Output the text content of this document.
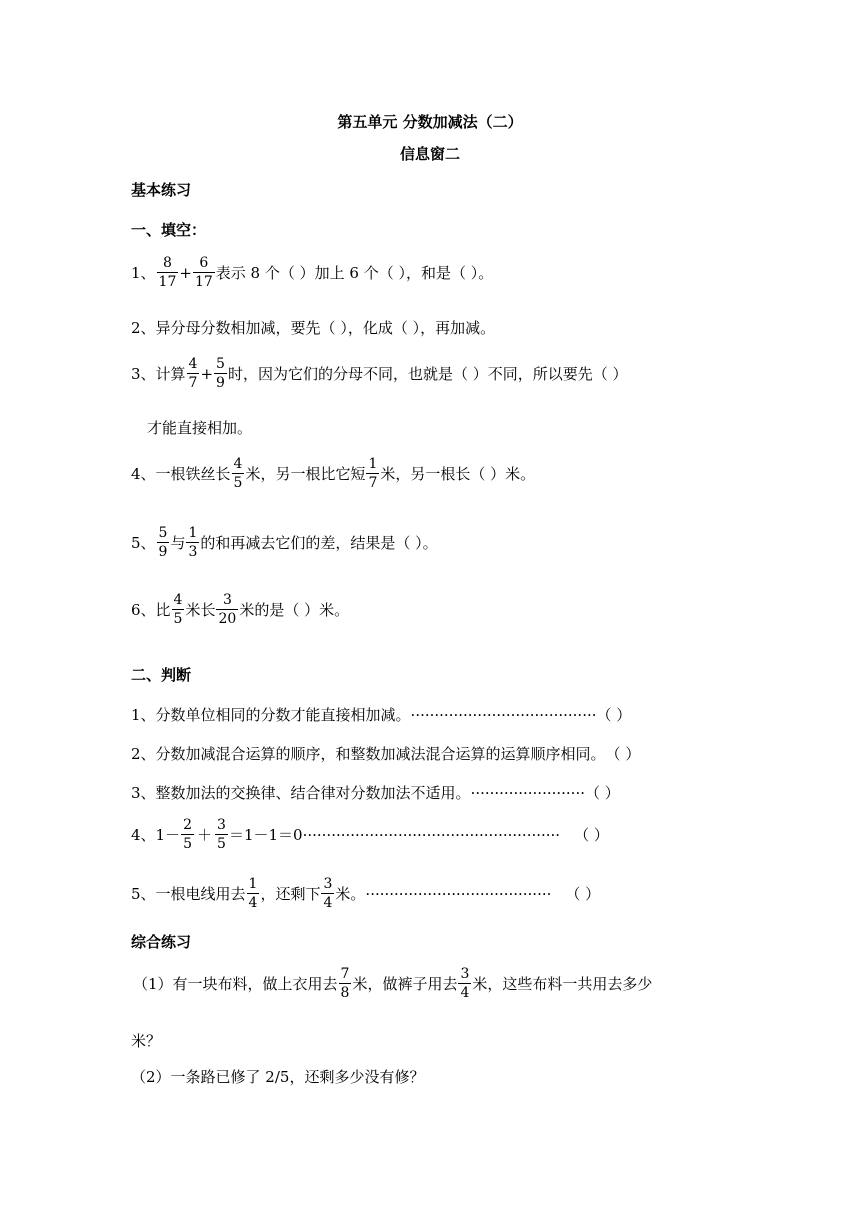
第五单元 分数加减法（二）
信息窗二
基本练习
一、填空：
1、 $\frac{8}{17} + \frac{6}{17}$ 表示 8 个（ ）加上 6 个（ ），和是（ ）。
2、异分母分数相加减，要先（ ），化成（ ），再加减。
3、计算 $\frac{4}{7} + \frac{5}{9}$ 时，因为它们的分母不同，也就是（ ）不同，所以要先（ ）
才能直接相加。
4、一根铁丝长 $\frac{4}{5}$ 米，另一根比它短 $\frac{1}{7}$ 米，另一根长（ ）米。
5、 $\frac{5}{9}$ 与 $\frac{1}{3}$ 的和再减去它们的差，结果是（ ）。
6、比 $\frac{4}{5}$ 米长 $\frac{3}{20}$ 米的是（ ）米。
二、判断
1、分数单位相同的分数才能直接相加减。 ······································· （ ）
2、分数加减混合运算的顺序，和整数加减法混合运算的运算顺序相同。 （ ）
3、整数加法的交换律、结合律对分数加法不适用。 ························ （ ）
4、$1- \frac{2}{5} + \frac{3}{5} =1-1=0$ ······················································ （ ）
5、一根电线用去 $\frac{1}{4}$ ，还剩下 $\frac{3}{4}$ 米。 ······································· （ ）
综合练习
（1）有一块布料，做上衣用去 $\frac{7}{8}$ 米，做裤子用去 $\frac{3}{4}$ 米，这些布料一共用去多少
米？
（2）一条路已修了 2/5，还剩多少没有修？
